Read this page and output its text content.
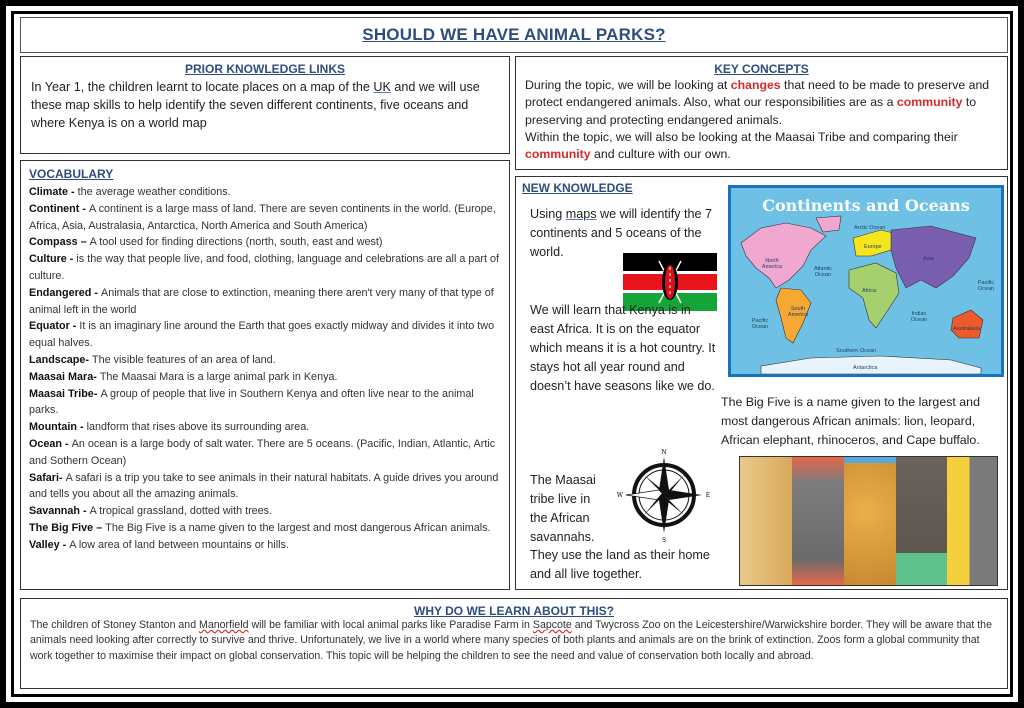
SHOULD WE HAVE ANIMAL PARKS?
PRIOR KNOWLEDGE LINKS
In Year 1, the children learnt to locate places on a map of the UK and we will use these map skills to help identify the seven different continents, five oceans and where Kenya is on a world map
KEY CONCEPTS
During the topic, we will be looking at changes that need to be made to preserve and protect endangered animals. Also, what our responsibilities are as a community to preserving and protecting endangered animals.
Within the topic, we will also be looking at the Maasai Tribe and comparing their community and culture with our own.
VOCABULARY
Climate - the average weather conditions.
Continent - A continent is a large mass of land. There are seven continents in the world. (Europe, Africa, Asia, Australasia, Antarctica, North America and South America)
Compass – A tool used for finding directions (north, south, east and west)
Culture - is the way that people live, and food, clothing, language and celebrations are all a part of culture.
Endangered - Animals that are close to extinction, meaning there aren't very many of that type of animal left in the world
Equator - It is an imaginary line around the Earth that goes exactly midway and divides it into two equal halves.
Landscape- The visible features of an area of land.
Maasai Mara- The Maasai Mara is a large animal park in Kenya.
Maasai Tribe- A group of people that live in Southern Kenya and often live near to the animal parks.
Mountain - landform that rises above its surrounding area.
Ocean - An ocean is a large body of salt water. There are 5 oceans. (Pacific, Indian, Atlantic, Artic and Sothern Ocean)
Safari- A safari is a trip you take to see animals in their natural habitats. A guide drives you around and tells you about all the amazing animals.
Savannah - A tropical grassland, dotted with trees.
The Big Five – The Big Five is a name given to the largest and most dangerous African animals.
Valley - A low area of land between mountains or hills.
NEW KNOWLEDGE
Using maps we will identify the 7 continents and 5 oceans of the world.
Continents and Oceans
Arctic Ocean
Europe
Asia
North America	Atlantic Ocean
Africa
Pacific Ocean
South America	Indian Ocean
Pacific Ocean
Australasia
Southern Ocean
Antarctica
We will learn that Kenya is in east Africa. It is on the equator which means it is a hot country. It stays hot all year round and doesn’t have seasons like we do.
The Big Five is a name given to the largest and most dangerous African animals: lion, leopard, African elephant, rhinoceros, and Cape buffalo.
The Maasai tribe live in the African savannahs.
They use the land as their home and all live together.
N
S
W	E
WHY DO WE LEARN ABOUT THIS?
The children of Stoney Stanton and Manorfield will be familiar with local animal parks like Paradise Farm in Sapcote and Twycross Zoo on the Leicestershire/Warwickshire border. They will be aware that the animals need looking after correctly to survive and thrive. Unfortunately, we live in a world where many species of both plants and animals are on the brink of extinction. Zoos form a global community that work together to maximise their impact on global conservation. This topic will be helping the children to see the need and value of conservation both locally and abroad.
